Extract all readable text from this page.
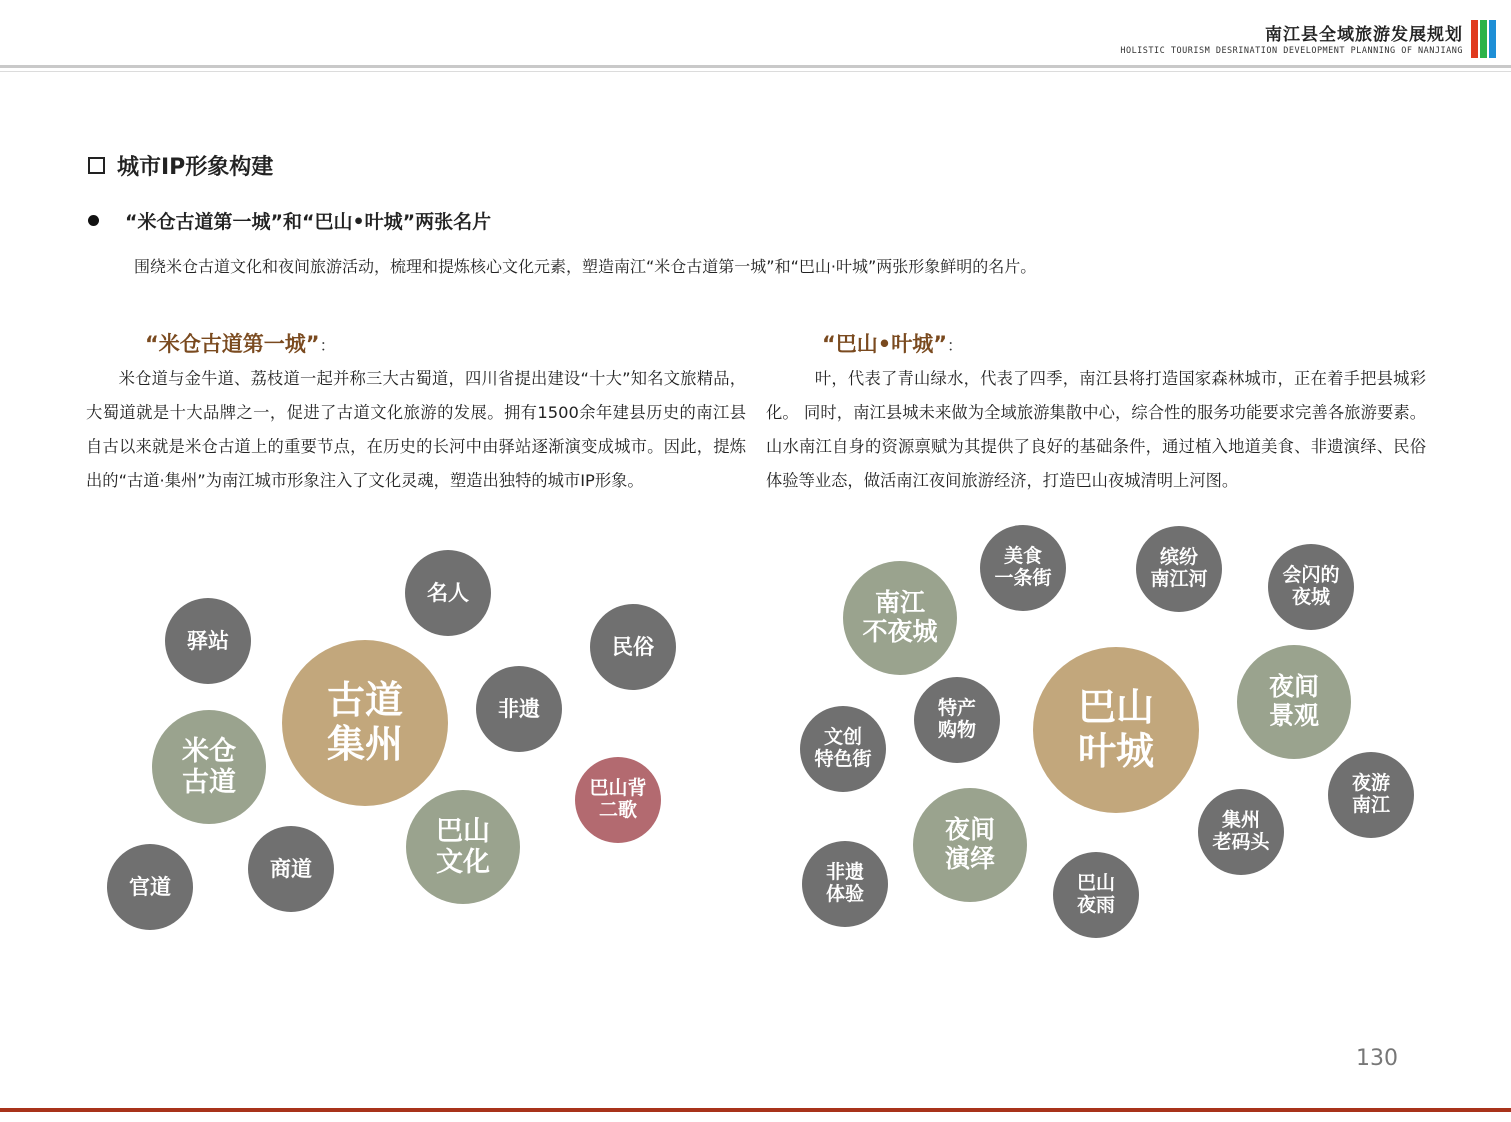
南江县全域旅游发展规划
HOLISTIC TOURISM DESRINATION DEVELOPMENT PLANNING OF NANJIANG
城市IP形象构建
“米仓古道第一城”和“巴山•叶城”两张名片
围绕米仓古道文化和夜间旅游活动，梳理和提炼核心文化元素，塑造南江“米仓古道第一城”和“巴山·叶城”两张形象鲜明的名片。
“米仓古道第一城”：
米仓道与金牛道、荔枝道一起并称三大古蜀道，四川省提出建设“十大”知名文旅精品，大蜀道就是十大品牌之一，促进了古道文化旅游的发展。拥有1500余年建县历史的南江县自古以来就是米仓古道上的重要节点，在历史的长河中由驿站逐渐演变成城市。因此，提炼出的“古道·集州”为南江城市形象注入了文化灵魂，塑造出独特的城市IP形象。
“巴山•叶城”：
叶，代表了青山绿水，代表了四季，南江县将打造国家森林城市，正在着手把县城彩化。 同时，南江县城未来做为全域旅游集散中心，综合性的服务功能要求完善各旅游要素。山水南江自身的资源禀赋为其提供了良好的基础条件，通过植入地道美食、非遗演绎、民俗体验等业态，做活南江夜间旅游经济，打造巴山夜城清明上河图。
古道
集州
驿站
名人
民俗
非遗
米仓
古道	巴山背
二歌
巴山
文化
商道
官道
巴山
叶城
南江
不夜城
美食
一条街
缤纷
南江河	会闪的
夜城
夜间
景观
特产
购物
文创
特色街
夜游
南江
集州
老码头
夜间
演绎
非遗
体验	巴山
夜雨
130
